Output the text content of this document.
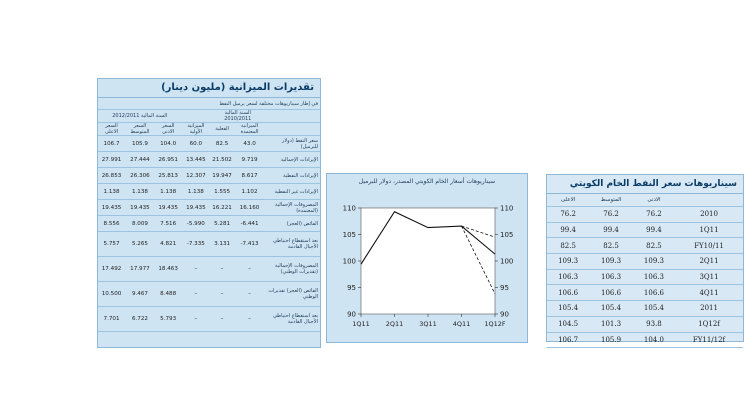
تقديرات الميزانية (مليون دينار)
في إطار سيناريوهات مختلفة لسعر برميل النفط						
السنة المالية 2012/2011				السنة المالية 2010/2011		
السعر الاعلى	السعر المتوسط	السعر الادنى	الميزانية الأولية	الفعلية	الميزانية المعتمدة	
106.7	105.9	104.0	60.0	82.5	43.0	سعر النفط (دولار للبرميل)
27.991	27.444	26.951	13.445	21.502	9.719	الإيرادات الإجمالية
26.853	26.306	25.813	12.307	19.947	8.617	الإيرادات النفطية
1.138	1.138	1.138	1.138	1.555	1.102	الإيرادات غير النفطية
19.435	19.435	19.435	19.435	16.221	16.160	المصروفات الإجمالية (المعتمدة)
8.556	8.009	7.516	-5.990	5.281	-6.441	الفائض (العجز)
5.757	5.265	4.821	-7.335	3.131	-7.413	بعد استقطاع احتياطي الأجيال القادمة
17.492	17.977	18.463	–	–	–	المصروفات الإجمالية (تقديرات الوطني)
10.500	9.467	8.488	–	–	–	الفائض (العجز) تقديرات الوطني
7.701	6.722	5.793	–	–	–	بعد استقطاع احتياطي الأجيال القادمة
سيناريوهات أسعار الخام الكويتي المصدر، دولار للبرميل
90	90
95	95
100	100
105	105
110	110
1Q11 2Q11 3Q11 4Q11 1Q12F
سيناريوهات سعر النفط الخام الكويتي
الاعلى	المتوسط	الادنى	
76.2	76.2	76.2	2010
99.4	99.4	99.4	1Q11
82.5	82.5	82.5	FY10/11
109.3	109.3	109.3	2Q11
106.3	106.3	106.3	3Q11
106.6	106.6	106.6	4Q11
105.4	105.4	105.4	2011
104.5	101.3	93.8	1Q12f
106.7	105.9	104.0	FY11/12f
